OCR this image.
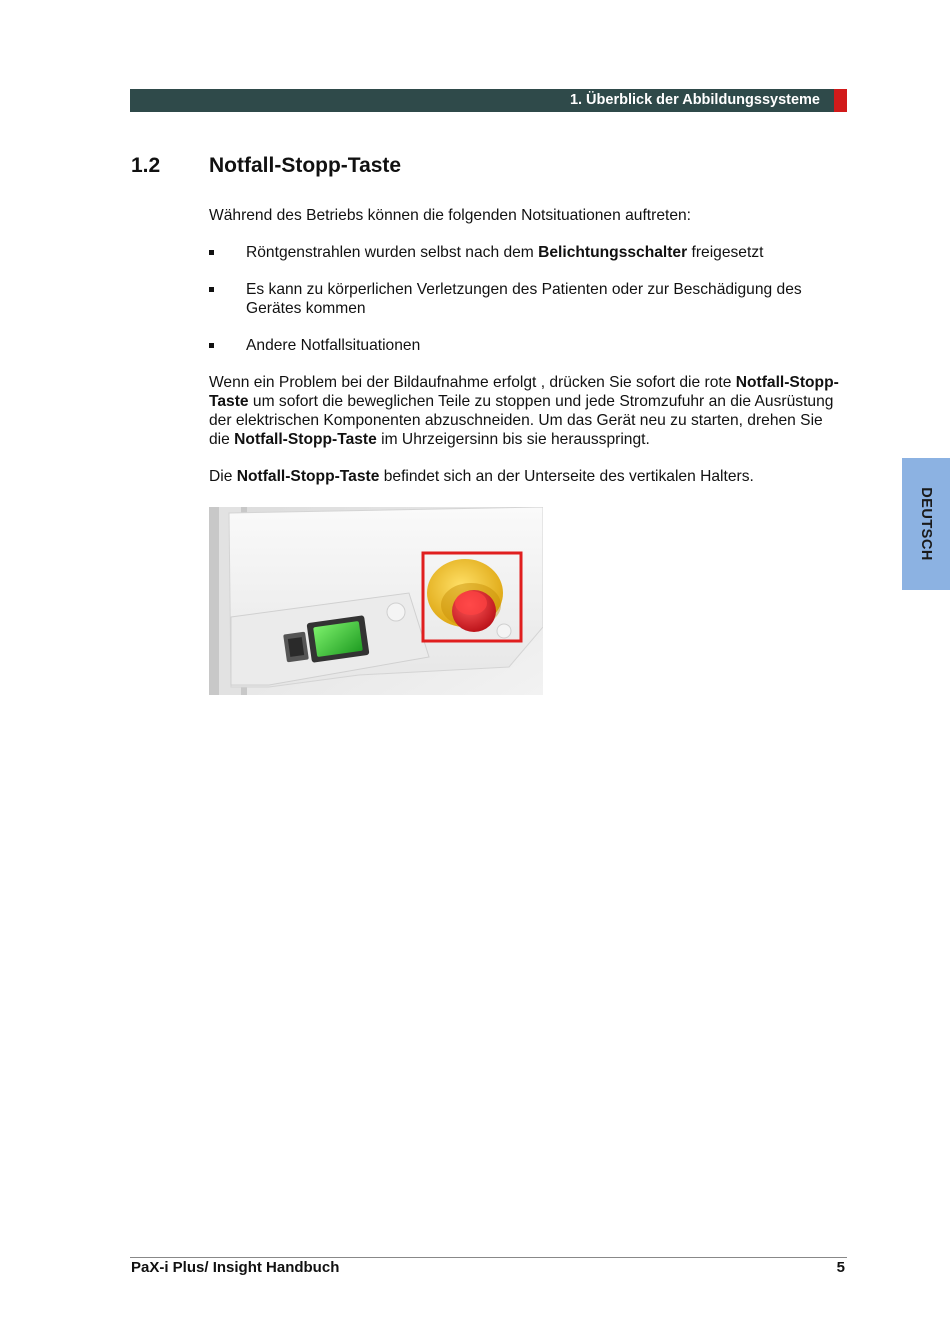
1. Überblick der Abbildungssysteme
1.2 Notfall-Stopp-Taste

Während des Betriebs können die folgenden Notsituationen auftreten:

Röntgenstrahlen wurden selbst nach dem Belichtungsschalter freigesetzt
Es kann zu körperlichen Verletzungen des Patienten oder zur Beschädigung des Gerätes kommen
Andere Notfallsituationen

Wenn ein Problem bei der Bildaufnahme erfolgt , drücken Sie sofort die rote Notfall-Stopp-Taste um sofort die beweglichen Teile zu stoppen und jede Stromzufuhr an die Ausrüstung der elektrischen Komponenten abzuschneiden. Um das Gerät neu zu starten, drehen Sie die Notfall-Stopp-Taste im Uhrzeigersinn bis sie herausspringt.

Die Notfall-Stopp-Taste befindet sich an der Unterseite des vertikalen Halters.

DEUTSCH
PaX-i Plus/ Insight Handbuch	5
